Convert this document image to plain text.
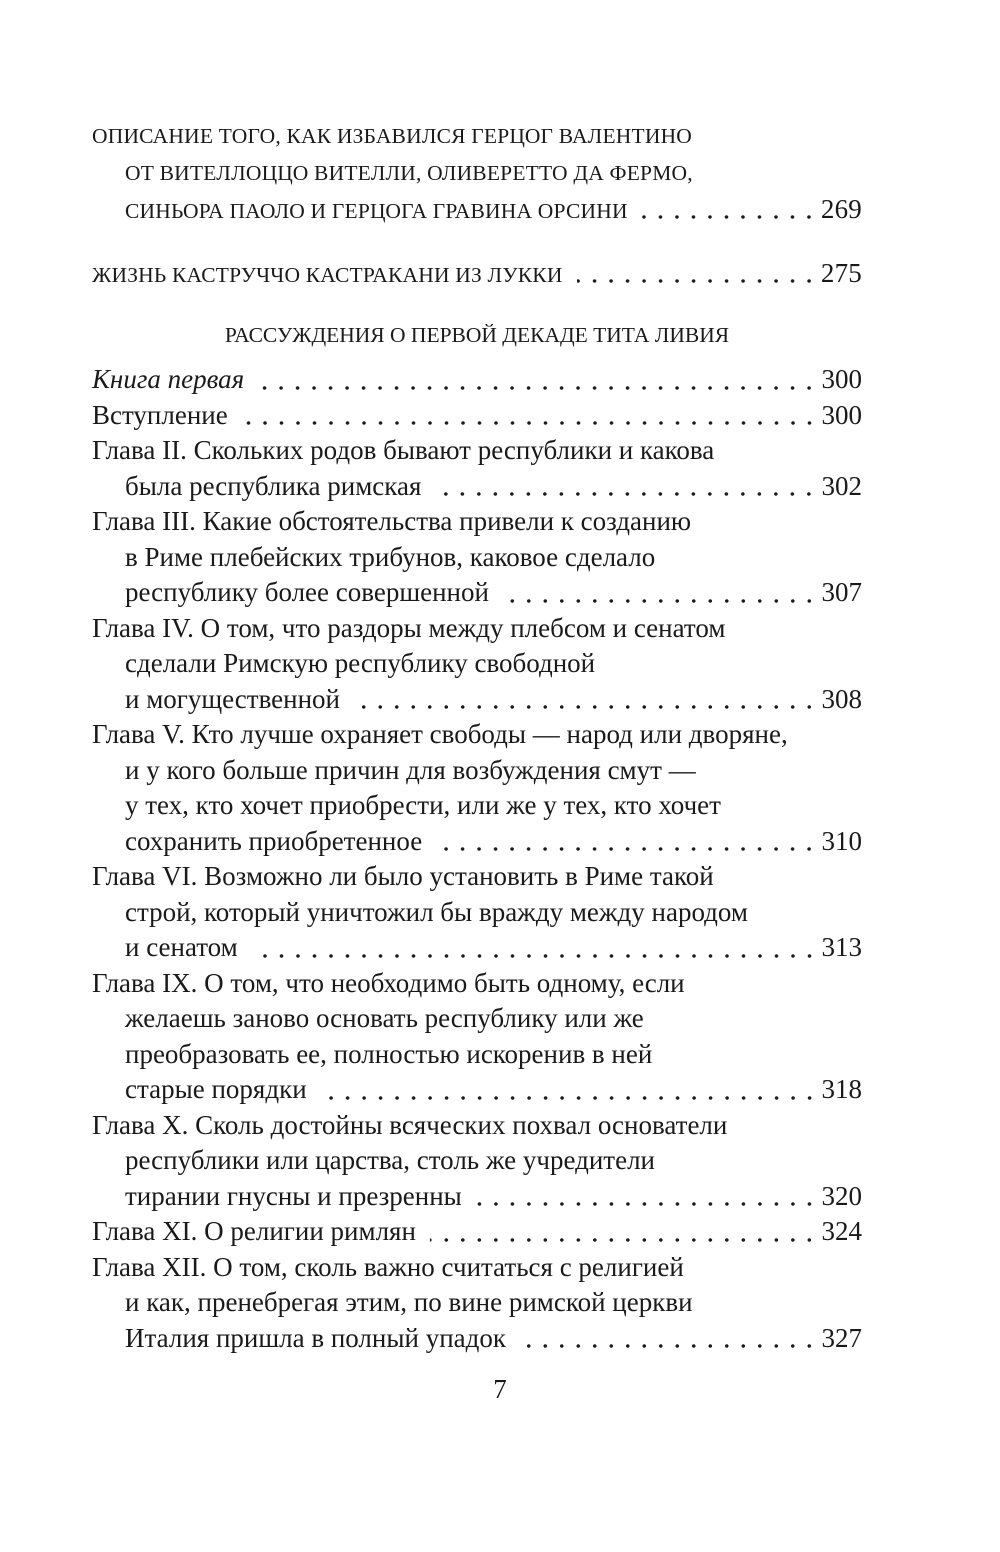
ОПИСАНИЕ ТОГО, КАК ИЗБАВИЛСЯ ГЕРЦОГ ВАЛЕНТИНО
ОТ ВИТЕЛЛОЦЦО ВИТЕЛЛИ, ОЛИВЕРЕТТО ДА ФЕРМО,
СИНЬОРА ПАОЛО И ГЕРЦОГА ГРАВИНА ОРСИНИ	269
ЖИЗНЬ КАСТРУЧЧО КАСТРАКАНИ ИЗ ЛУККИ	275
РАССУЖДЕНИЯ О ПЕРВОЙ ДЕКАДЕ ТИТА ЛИВИЯ
Книга первая	300
Вступление	300
Глава II. Скольких родов бывают республики и какова
была республика римская	302
Глава III. Какие обстоятельства привели к созданию
в Риме плебейских трибунов, каковое сделало
республику более совершенной	307
Глава IV. О том, что раздоры между плебсом и сенатом
сделали Римскую республику свободной
и могущественной	308
Глава V. Кто лучше охраняет свободы — народ или дворяне,
и у кого больше причин для возбуждения смут —
у тех, кто хочет приобрести, или же у тех, кто хочет
сохранить приобретенное	310
Глава VI. Возможно ли было установить в Риме такой
строй, который уничтожил бы вражду между народом
и сенатом	313
Глава IX. О том, что необходимо быть одному, если
желаешь заново основать республику или же
преобразовать ее, полностью искоренив в ней
старые порядки	318
Глава X. Сколь достойны всяческих похвал основатели
республики или царства, столь же учредители
тирании гнусны и презренны	320
Глава XI. О религии римлян	324
Глава XII. О том, сколь важно считаться с религией
и как, пренебрегая этим, по вине римской церкви
Италия пришла в полный упадок	327
7
